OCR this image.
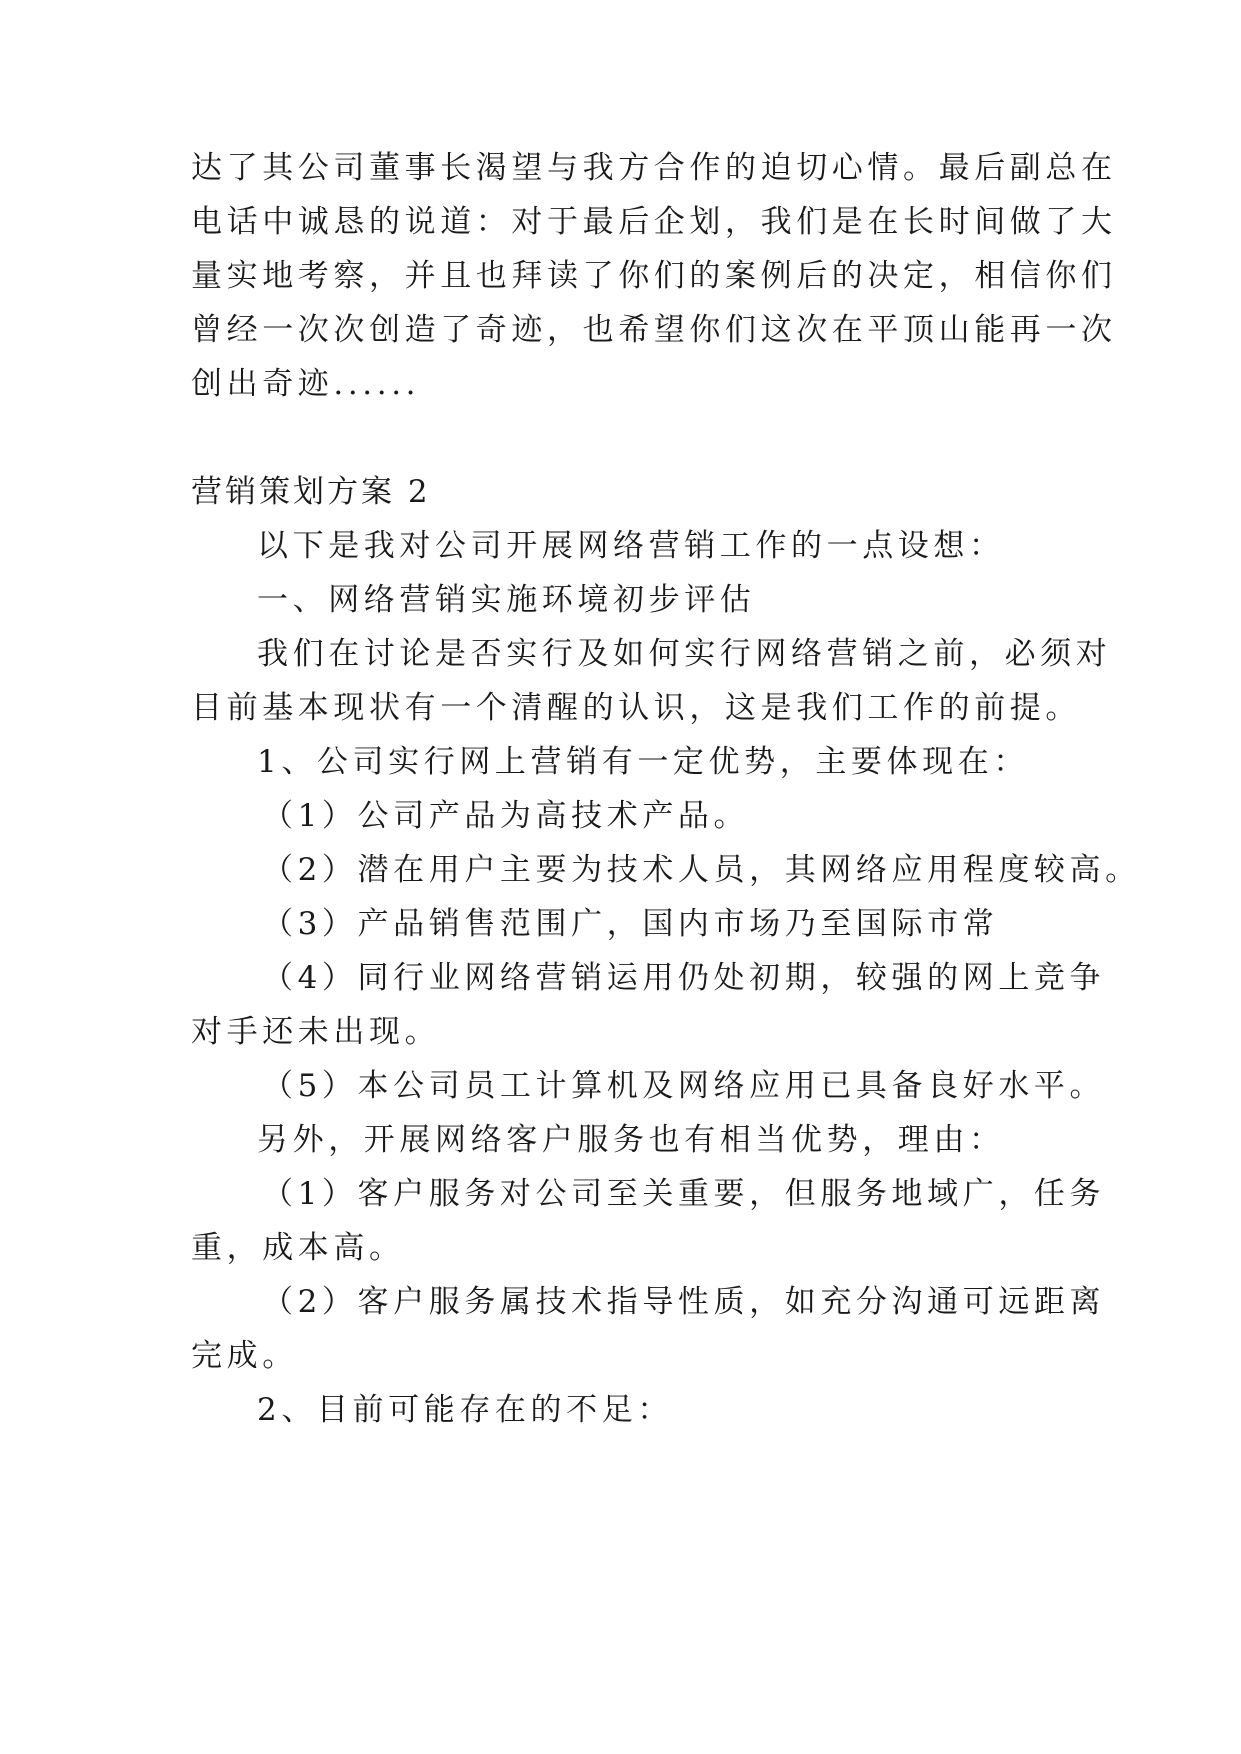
达了其公司董事长渴望与我方合作的迫切心情。最后副总在
电话中诚恳的说道：对于最后企划，我们是在长时间做了大
量实地考察，并且也拜读了你们的案例后的决定，相信你们
曾经一次次创造了奇迹，也希望你们这次在平顶山能再一次
创出奇迹......
营销策划方案 2
以下是我对公司开展网络营销工作的一点设想：
一、网络营销实施环境初步评估
我们在讨论是否实行及如何实行网络营销之前，必须对
目前基本现状有一个清醒的认识，这是我们工作的前提。
1、公司实行网上营销有一定优势，主要体现在：
（1）公司产品为高技术产品。
（2）潜在用户主要为技术人员，其网络应用程度较高。
（3）产品销售范围广，国内市场乃至国际市常
（4）同行业网络营销运用仍处初期，较强的网上竞争
对手还未出现。
（5）本公司员工计算机及网络应用已具备良好水平。
另外，开展网络客户服务也有相当优势，理由：
（1）客户服务对公司至关重要，但服务地域广，任务
重，成本高。
（2）客户服务属技术指导性质，如充分沟通可远距离
完成。
2、目前可能存在的不足：
